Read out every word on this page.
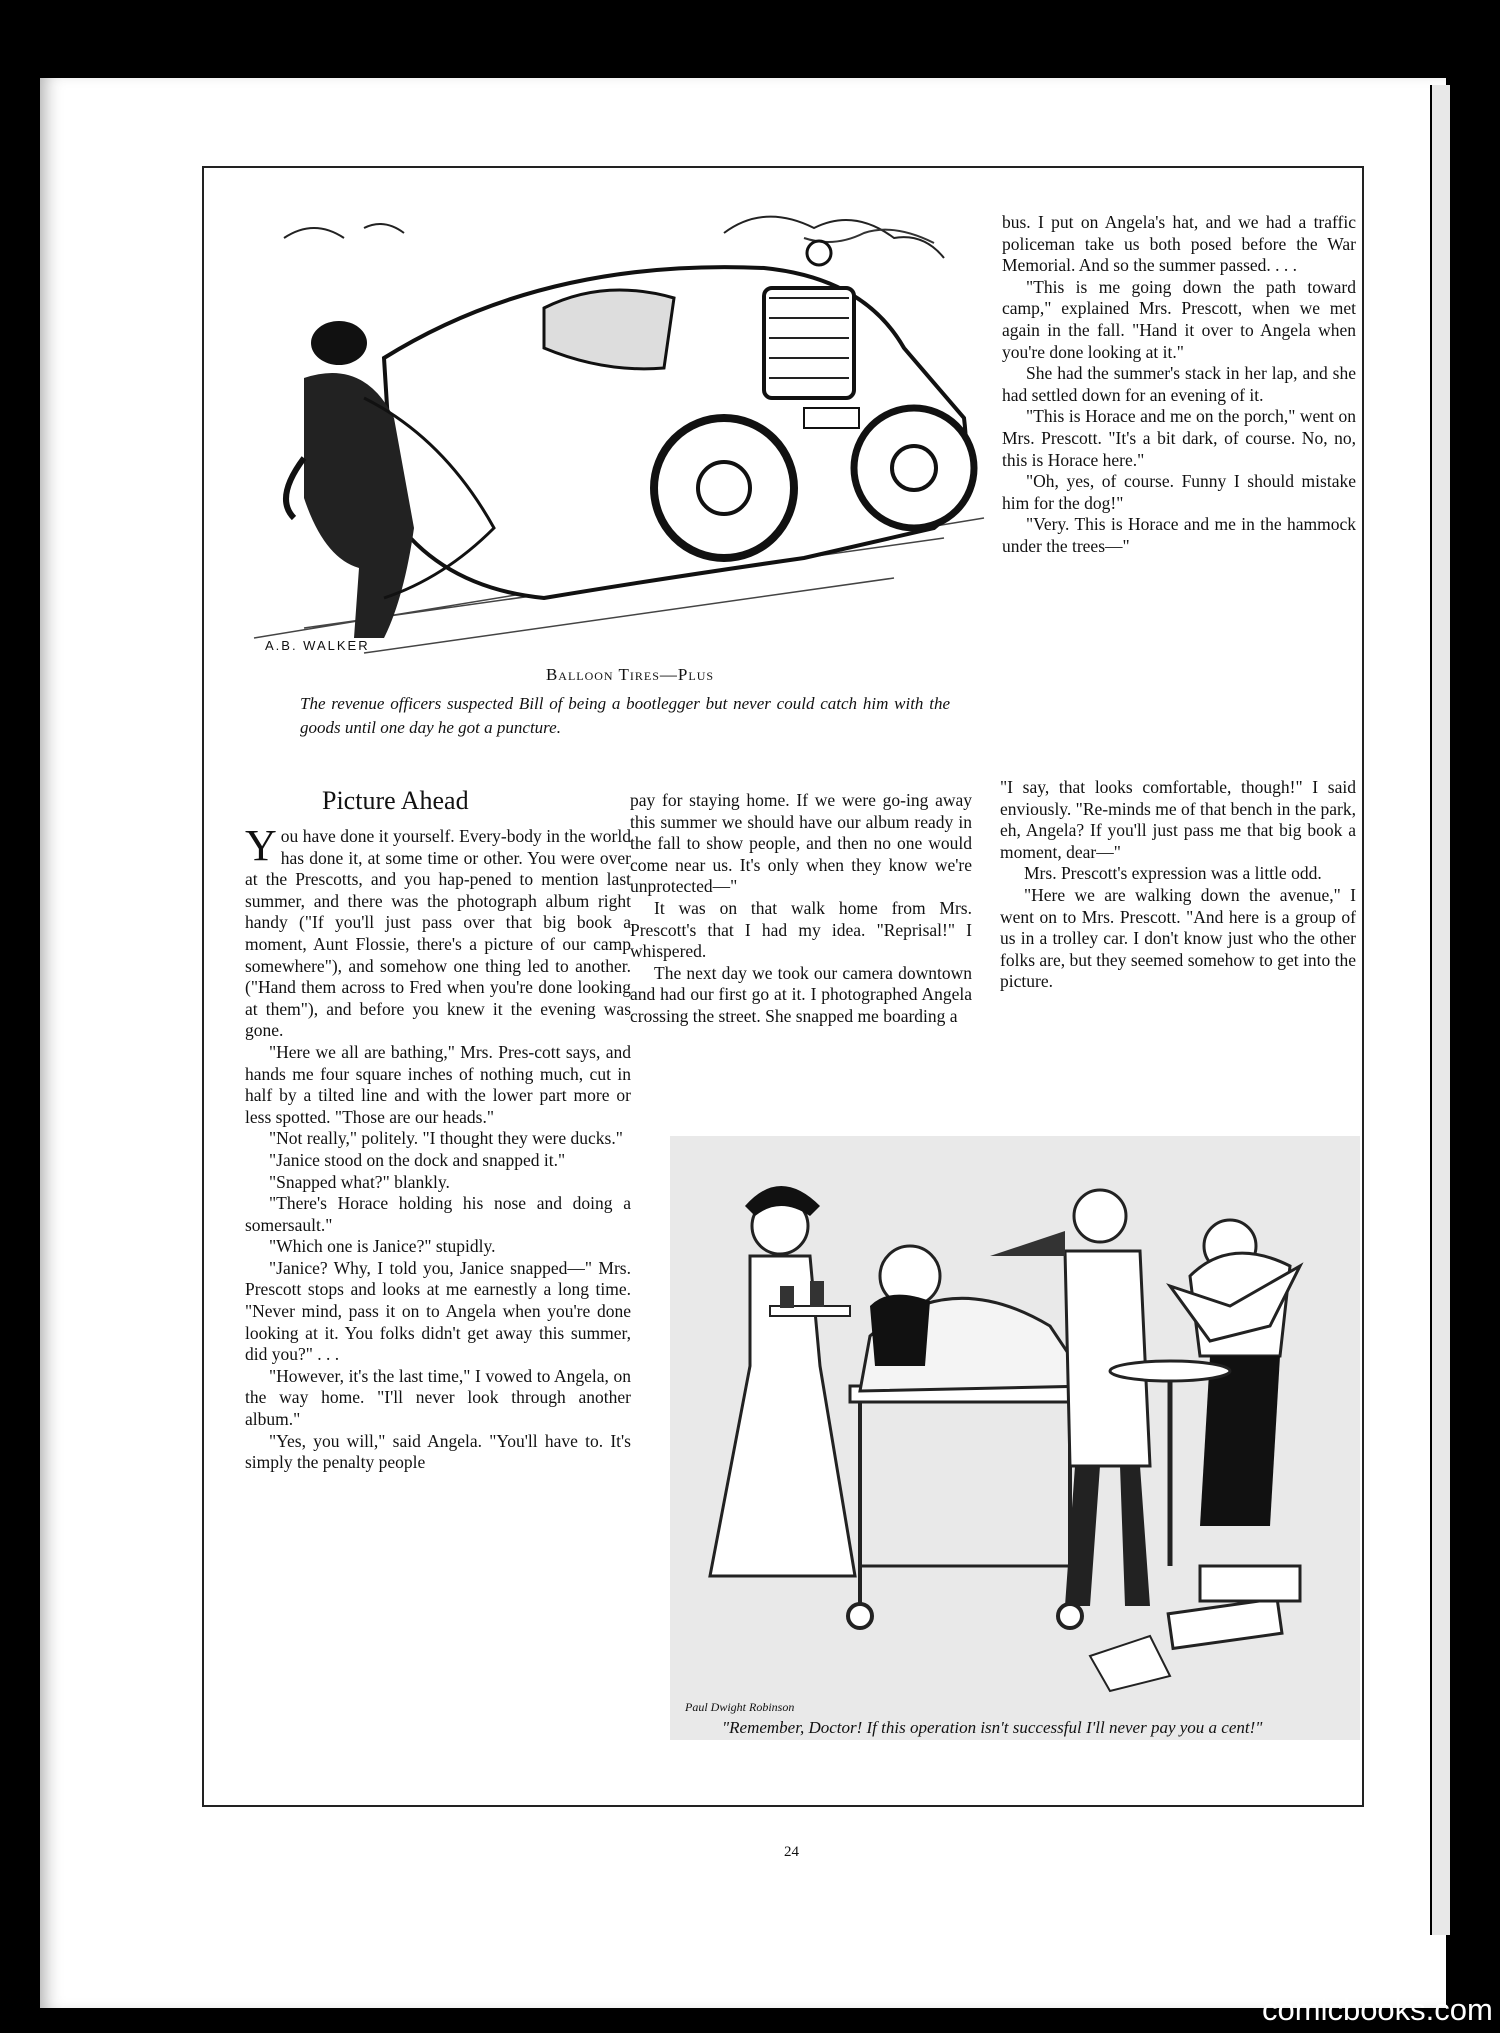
A.B. WALKER
Balloon Tires—Plus
The revenue officers suspected Bill of being a bootlegger but never could catch him with the goods until one day he got a puncture.
Picture Ahead

You have done it yourself. Every-body in the world has done it, at some time or other. You were over at the Prescotts, and you hap-pened to mention last summer, and there was the photograph album right handy ("If you'll just pass over that big book a moment, Aunt Flossie, there's a picture of our camp somewhere"), and somehow one thing led to another. ("Hand them across to Fred when you're done looking at them"), and before you knew it the evening was gone.

"Here we all are bathing," Mrs. Pres-cott says, and hands me four square inches of nothing much, cut in half by a tilted line and with the lower part more or less spotted. "Those are our heads."

"Not really," politely. "I thought they were ducks."

"Janice stood on the dock and snapped it."

"Snapped what?" blankly.

"There's Horace holding his nose and doing a somersault."

"Which one is Janice?" stupidly.

"Janice? Why, I told you, Janice snapped—" Mrs. Prescott stops and looks at me earnestly a long time. "Never mind, pass it on to Angela when you're done looking at it. You folks didn't get away this summer, did you?" . . .

"However, it's the last time," I vowed to Angela, on the way home. "I'll never look through another album."

"Yes, you will," said Angela. "You'll have to. It's simply the penalty people

pay for staying home. If we were go-ing away this summer we should have our album ready in the fall to show people, and then no one would come near us. It's only when they know we're unprotected—"

It was on that walk home from Mrs. Prescott's that I had my idea. "Reprisal!" I whispered.

The next day we took our camera downtown and had our first go at it. I photographed Angela crossing the street. She snapped me boarding a

bus. I put on Angela's hat, and we had a traffic policeman take us both posed before the War Memorial. And so the summer passed. . . .

"This is me going down the path toward camp," explained Mrs. Prescott, when we met again in the fall. "Hand it over to Angela when you're done looking at it."

She had the summer's stack in her lap, and she had settled down for an evening of it.

"This is Horace and me on the porch," went on Mrs. Prescott. "It's a bit dark, of course. No, no, this is Horace here."

"Oh, yes, of course. Funny I should mistake him for the dog!"

"Very. This is Horace and me in the hammock under the trees—"

"I say, that looks comfortable, though!" I said enviously. "Re-minds me of that bench in the park, eh, Angela? If you'll just pass me that big book a moment, dear—"

Mrs. Prescott's expression was a little odd.

"Here we are walking down the avenue," I went on to Mrs. Prescott. "And here is a group of us in a trolley car. I don't know just who the other folks are, but they seemed somehow to get into the picture.

Paul Dwight Robinson
"Remember, Doctor! If this operation isn't successful I'll never pay you a cent!"
24
comicbooks.com
